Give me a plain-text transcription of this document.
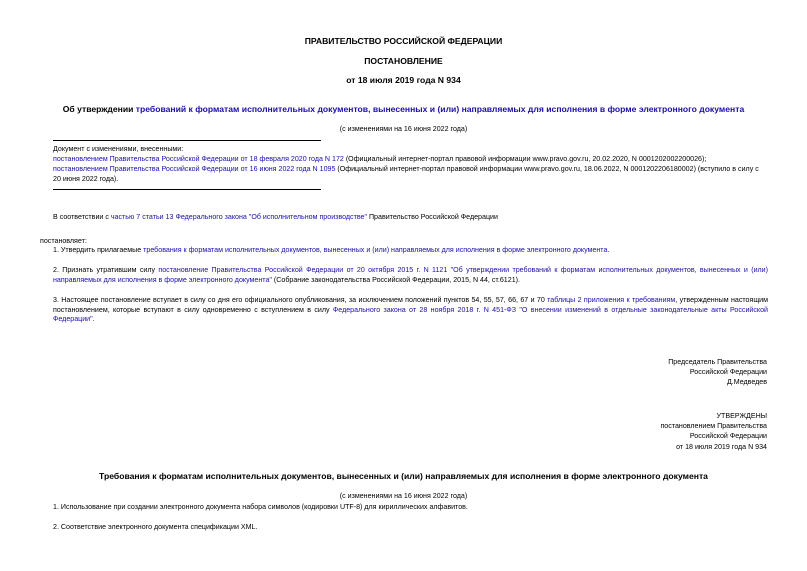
ПРАВИТЕЛЬСТВО РОССИЙСКОЙ ФЕДЕРАЦИИ
ПОСТАНОВЛЕНИЕ
от 18 июля 2019 года N 934
Об утверждении требований к форматам исполнительных документов, вынесенных и (или) направляемых для исполнения в форме электронного документа
(с изменениями на 16 июня 2022 года)
Документ с изменениями, внесенными:
постановлением Правительства Российской Федерации от 18 февраля 2020 года N 172 (Официальный интернет-портал правовой информации www.pravo.gov.ru, 20.02.2020, N 0001202002200026);
постановлением Правительства Российской Федерации от 16 июня 2022 года N 1095 (Официальный интернет-портал правовой информации www.pravo.gov.ru, 18.06.2022, N 0001202206180002) (вступило в силу с
20 июня 2022 года).
В соответствии с частью 7 статьи 13 Федерального закона "Об исполнительном производстве" Правительство Российской Федерации
постановляет:
1. Утвердить прилагаемые требования к форматам исполнительных документов, вынесенных и (или) направляемых для исполнения в форме электронного документа.
2. Признать утратившим силу постановление Правительства Российской Федерации от 20 октября 2015 г. N 1121 "Об утверждении требований к форматам исполнительных документов, вынесенных и (или) направляемых для исполнения в форме электронного документа" (Собрание законодательства Российской Федерации, 2015, N 44, ст.6121).
3. Настоящее постановление вступает в силу со дня его официального опубликования, за исключением положений пунктов 54, 55, 57, 66, 67 и 70 таблицы 2 приложения к требованиям, утвержденным настоящим постановлением, которые вступают в силу одновременно с вступлением в силу Федерального закона от 28 ноября 2018 г. N 451-ФЗ "О внесении изменений в отдельные законодательные акты Российской Федерации".
Председатель Правительства
Российской Федерации
Д.Медведев
УТВЕРЖДЕНЫ
постановлением Правительства
Российской Федерации
от 18 июля 2019 года N 934
Требования к форматам исполнительных документов, вынесенных и (или) направляемых для исполнения в форме электронного документа
(с изменениями на 16 июня 2022 года)
1. Использование при создании электронного документа набора символов (кодировки UTF-8) для кириллических алфавитов.
2. Соответствие электронного документа спецификации XML.
